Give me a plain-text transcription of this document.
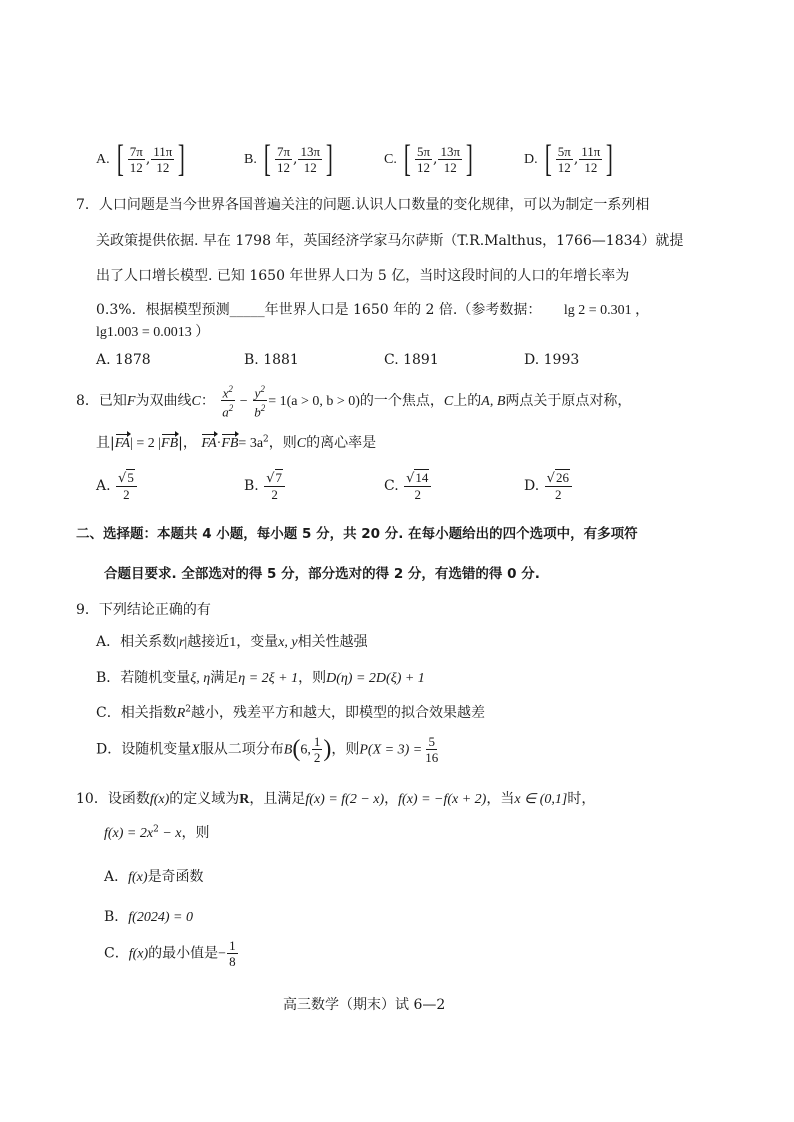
A. [ $\frac{7\pi}{12}$ , $\frac{11\pi}{12}$ ]	B. [ $\frac{7\pi}{12}$ , $\frac{13\pi}{12}$ ]	C. [ $\frac{5\pi}{12}$ , $\frac{13\pi}{12}$ ]	D. [ $\frac{5\pi}{12}$ , $\frac{11\pi}{12}$ ]
7．人口问题是当今世界各国普遍关注的问题.认识人口数量的变化规律，可以为制定一系列相
关政策提供依据. 早在 1798 年，英国经济学家马尔萨斯（T.R.Malthus，1766—1834）就提
出了人口增长模型. 已知 1650 年世界人口为 5 亿，当时这段时间的人口的年增长率为
0.3%．根据模型预测_____年世界人口是 1650 年的 2 倍.（参考数据： lg 2 = 0.301 ，
lg1.003 = 0.0013 ）
A. 1878	B. 1881	C. 1891	D. 1993
8．已知F为双曲线C： $\frac{x^2}{a^2} - \frac{y^2}{b^2} = 1(a > 0$, b > 0)的一个焦点，C上的A, B两点关于原点对称，
且|FA| = 2 |FB|， $FA\cdot FB= 3a^2$，则C的离心率是
A. $\frac{√5}{2}$	B. $\frac{√7}{2}$	C. $\frac{√14}{2}$	D. $\frac{√26}{2}$
二、选择题：本题共 4 小题，每小题 5 分，共 20 分. 在每小题给出的四个选项中，有多项符
合题目要求. 全部选对的得 5 分，部分选对的得 2 分，有选错的得 0 分.
9．下列结论正确的有
A．相关系数|r|越接近1，变量x, y相关性越强
B．若随机变量ξ, η满足η = 2ξ + 1，则D(η) = 2D(ξ) + 1
C．相关指数$R^2$越小，残差平方和越大，即模型的拟合效果越差
D．设随机变量X服从二项分布B(6, $\frac{1}{2}$ )，则$P(X = 3) = \frac{5}{16}$
10．设函数f(x)的定义域为R，且满足f(x) = f(2 − x)，f(x) = −f(x + 2)，当x ∈ (0,1]时，
$f(x) = 2x^2 - x$，则
A．f(x)是奇函数
B．f(2024) = 0
C．f(x)的最小值是− $\frac{1}{8}$
高三数学（期末）试 6—2
